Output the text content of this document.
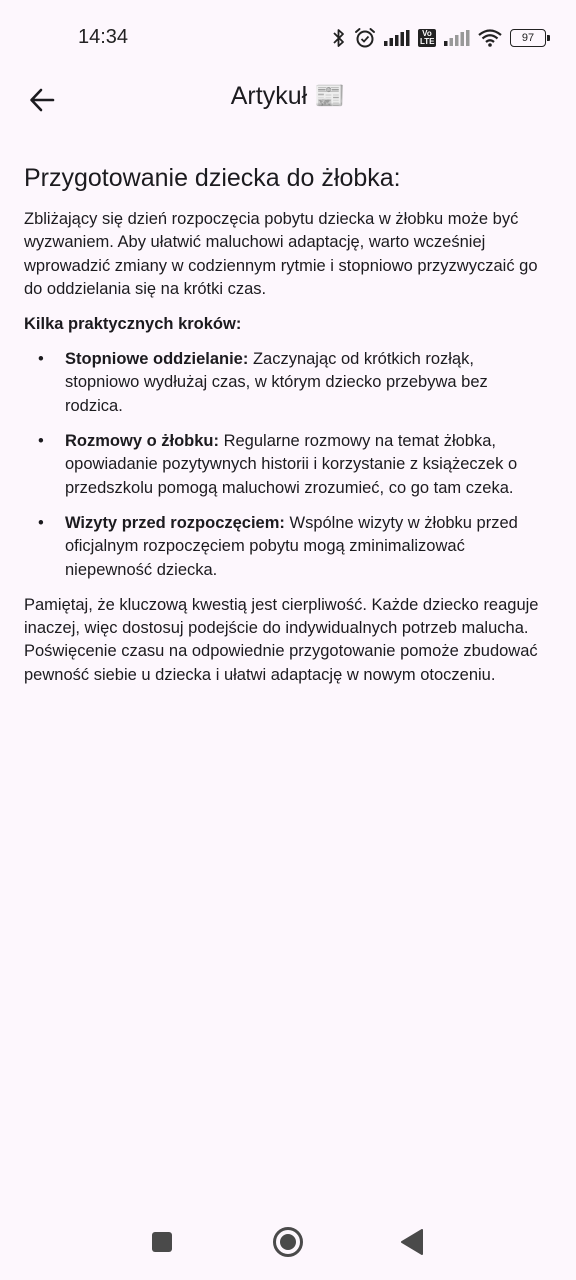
14:34	Vo LTE	97
Artykuł 📰
Przygotowanie dziecka do żłobka:

Zbliżający się dzień rozpoczęcia pobytu dziecka w żłobku może być wyzwaniem. Aby ułatwić maluchowi adaptację, warto wcześniej wprowadzić zmiany w codziennym rytmie i stopniowo przyzwyczaić go do oddzielania się na krótki czas.

Kilka praktycznych kroków:
• Stopniowe oddzielanie: Zaczynając od krótkich rozłąk, stopniowo wydłużaj czas, w którym dziecko przebywa bez rodzica.
• Rozmowy o żłobku: Regularne rozmowy na temat żłobka, opowiadanie pozytywnych historii i korzystanie z książeczek o przedszkolu pomogą maluchowi zrozumieć, co go tam czeka.
• Wizyty przed rozpoczęciem: Wspólne wizyty w żłobku przed oficjalnym rozpoczęciem pobytu mogą zminimalizować niepewność dziecka.

Pamiętaj, że kluczową kwestią jest cierpliwość. Każde dziecko reaguje inaczej, więc dostosuj podejście do indywidualnych potrzeb malucha. Poświęcenie czasu na odpowiednie przygotowanie pomoże zbudować pewność siebie u dziecka i ułatwi adaptację w nowym otoczeniu.
